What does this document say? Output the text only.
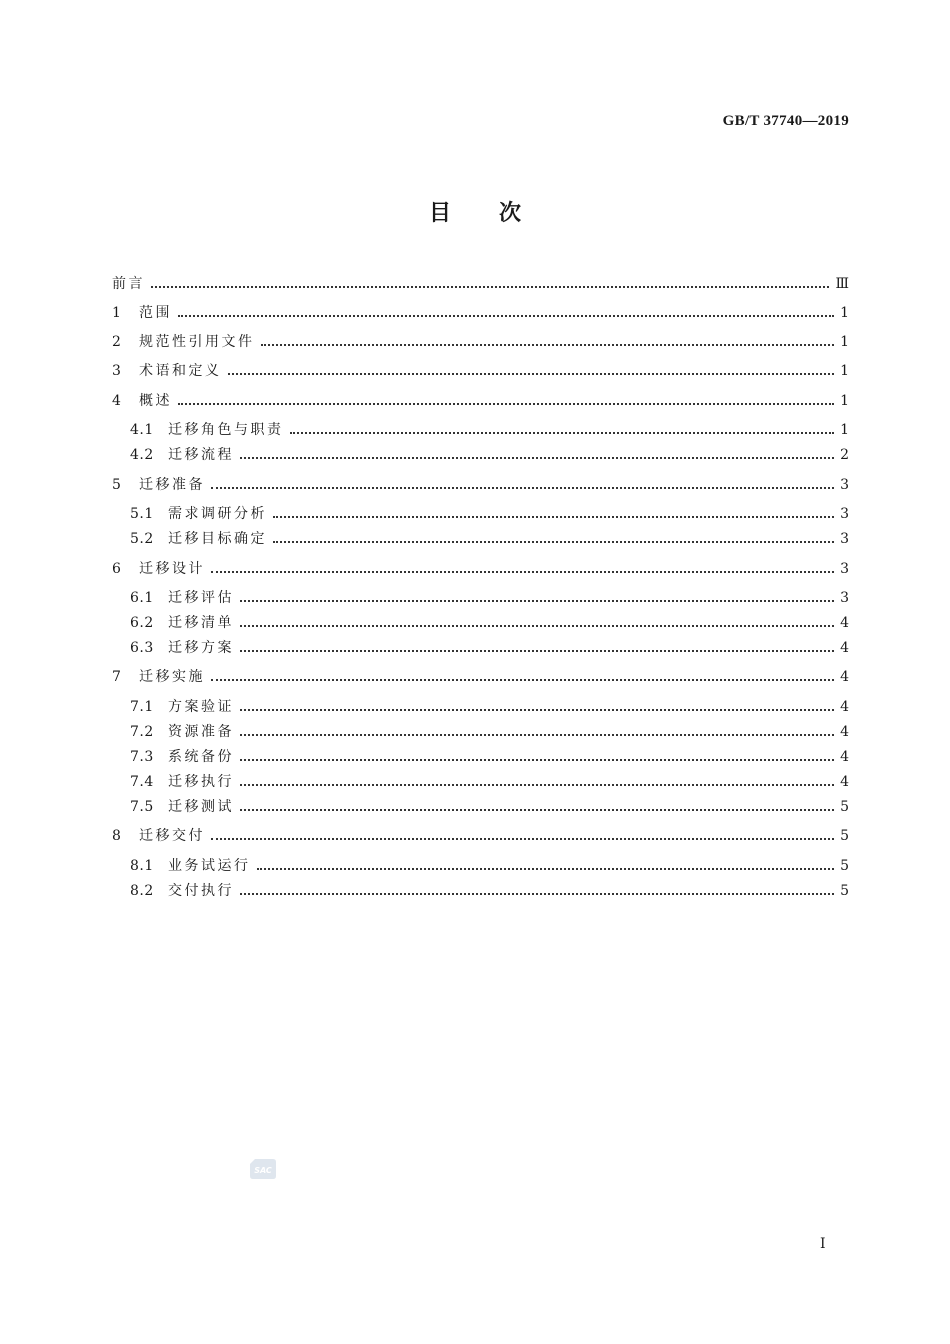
GB/T 37740—2019
目次
前言	Ⅲ
1	范围	1
2	规范性引用文件	1
3	术语和定义	1
4	概述	1
4.1	迁移角色与职责	1
4.2	迁移流程	2
5	迁移准备	3
5.1	需求调研分析	3
5.2	迁移目标确定	3
6	迁移设计	3
6.1	迁移评估	3
6.2	迁移清单	4
6.3	迁移方案	4
7	迁移实施	4
7.1	方案验证	4
7.2	资源准备	4
7.3	系统备份	4
7.4	迁移执行	4
7.5	迁移测试	5
8	迁移交付	5
8.1	业务试运行	5
8.2	交付执行	5
SAC
I
